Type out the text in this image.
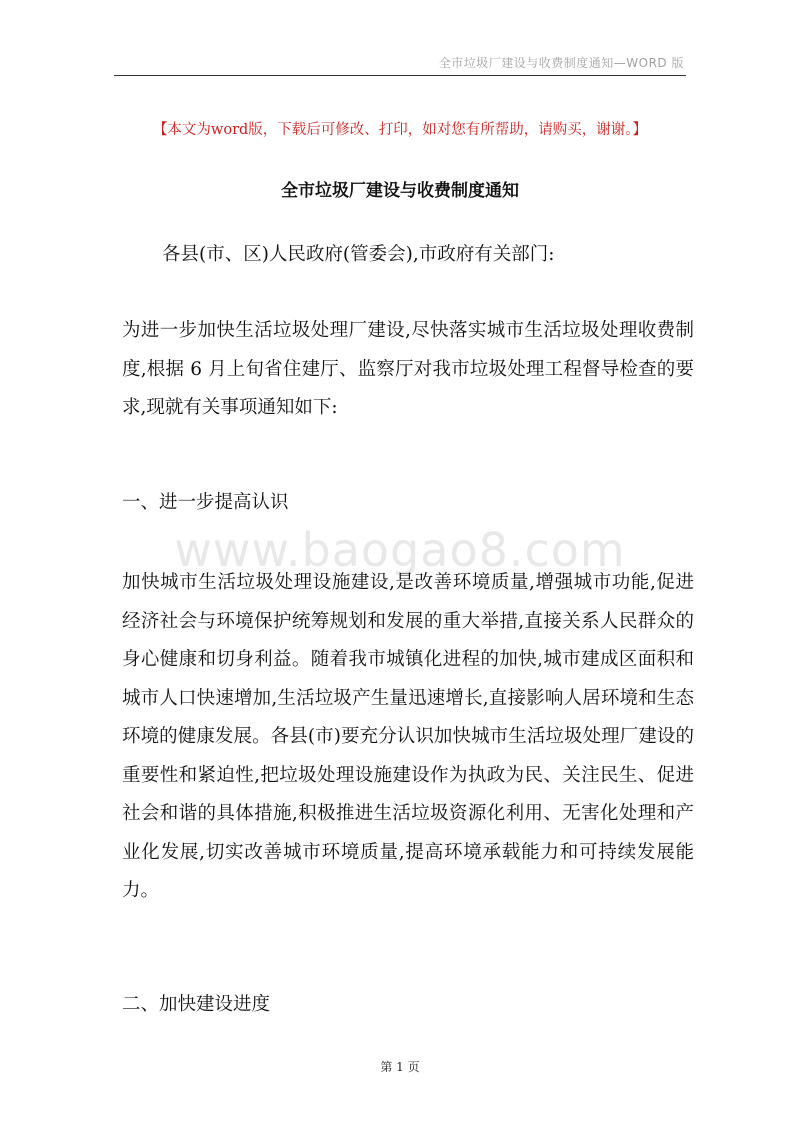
全市垃圾厂建设与收费制度通知—WORD 版
【本文为word版，下载后可修改、打印，如对您有所帮助，请购买，谢谢。】
全市垃圾厂建设与收费制度通知

各县(市、区)人民政府(管委会),市政府有关部门:

为进一步加快生活垃圾处理厂建设,尽快落实城市生活垃圾处理收费制度,根据 6 月上旬省住建厅、监察厅对我市垃圾处理工程督导检查的要求,现就有关事项通知如下:

一、进一步提高认识

www.baogao8.com

加快城市生活垃圾处理设施建设,是改善环境质量,增强城市功能,促进经济社会与环境保护统筹规划和发展的重大举措,直接关系人民群众的身心健康和切身利益。随着我市城镇化进程的加快,城市建成区面积和城市人口快速增加,生活垃圾产生量迅速增长,直接影响人居环境和生态环境的健康发展。各县(市)要充分认识加快城市生活垃圾处理厂建设的重要性和紧迫性,把垃圾处理设施建设作为执政为民、关注民生、促进社会和谐的具体措施,积极推进生活垃圾资源化利用、无害化处理和产业化发展,切实改善城市环境质量,提高环境承载能力和可持续发展能力。

二、加快建设进度

第 1 页
